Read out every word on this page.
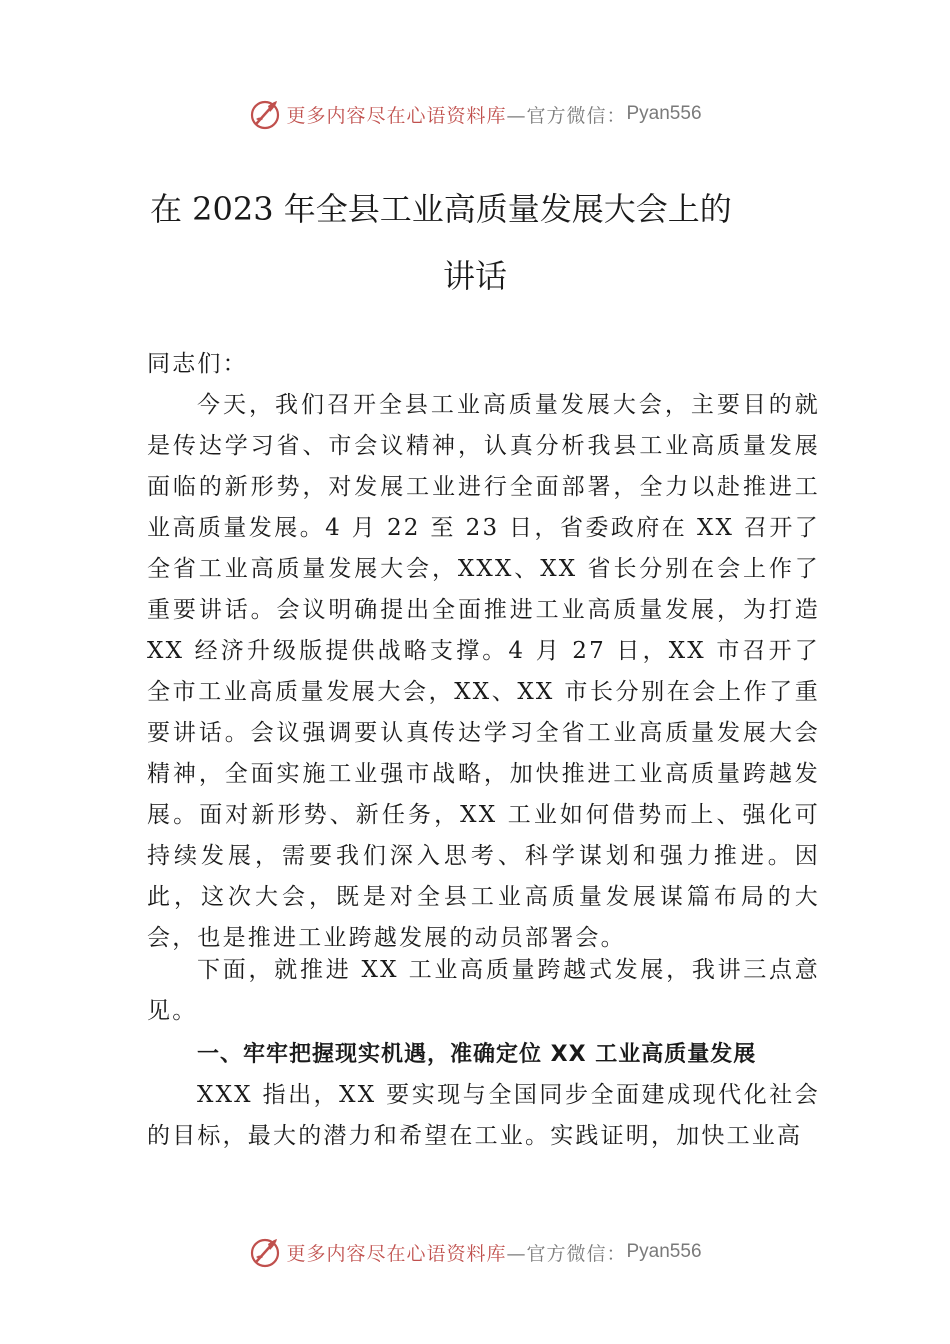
更多内容尽在心语资料库 —官方微信： Pyan556
在 2023 年全县工业高质量发展大会上的
讲话
同志们：
今天，我们召开全县工业高质量发展大会，主要目的就是传达学习省、市会议精神，认真分析我县工业高质量发展面临的新形势，对发展工业进行全面部署，全力以赴推进工业高质量发展。4 月 22 至 23 日，省委政府在 XX 召开了全省工业高质量发展大会，XXX、XX 省长分别在会上作了重要讲话。会议明确提出全面推进工业高质量发展，为打造 XX 经济升级版提供战略支撑。4 月 27 日，XX 市召开了全市工业高质量发展大会，XX、XX 市长分别在会上作了重要讲话。会议强调要认真传达学习全省工业高质量发展大会精神，全面实施工业强市战略，加快推进工业高质量跨越发展。面对新形势、新任务，XX 工业如何借势而上、强化可持续发展，需要我们深入思考、科学谋划和强力推进。因此，这次大会，既是对全县工业高质量发展谋篇布局的大会，也是推进工业跨越发展的动员部署会。
下面，就推进 XX 工业高质量跨越式发展，我讲三点意见。
一、牢牢把握现实机遇，准确定位 XX 工业高质量发展
XXX 指出，XX 要实现与全国同步全面建成现代化社会的目标，最大的潜力和希望在工业。实践证明，加快工业高
更多内容尽在心语资料库 —官方微信： Pyan556
